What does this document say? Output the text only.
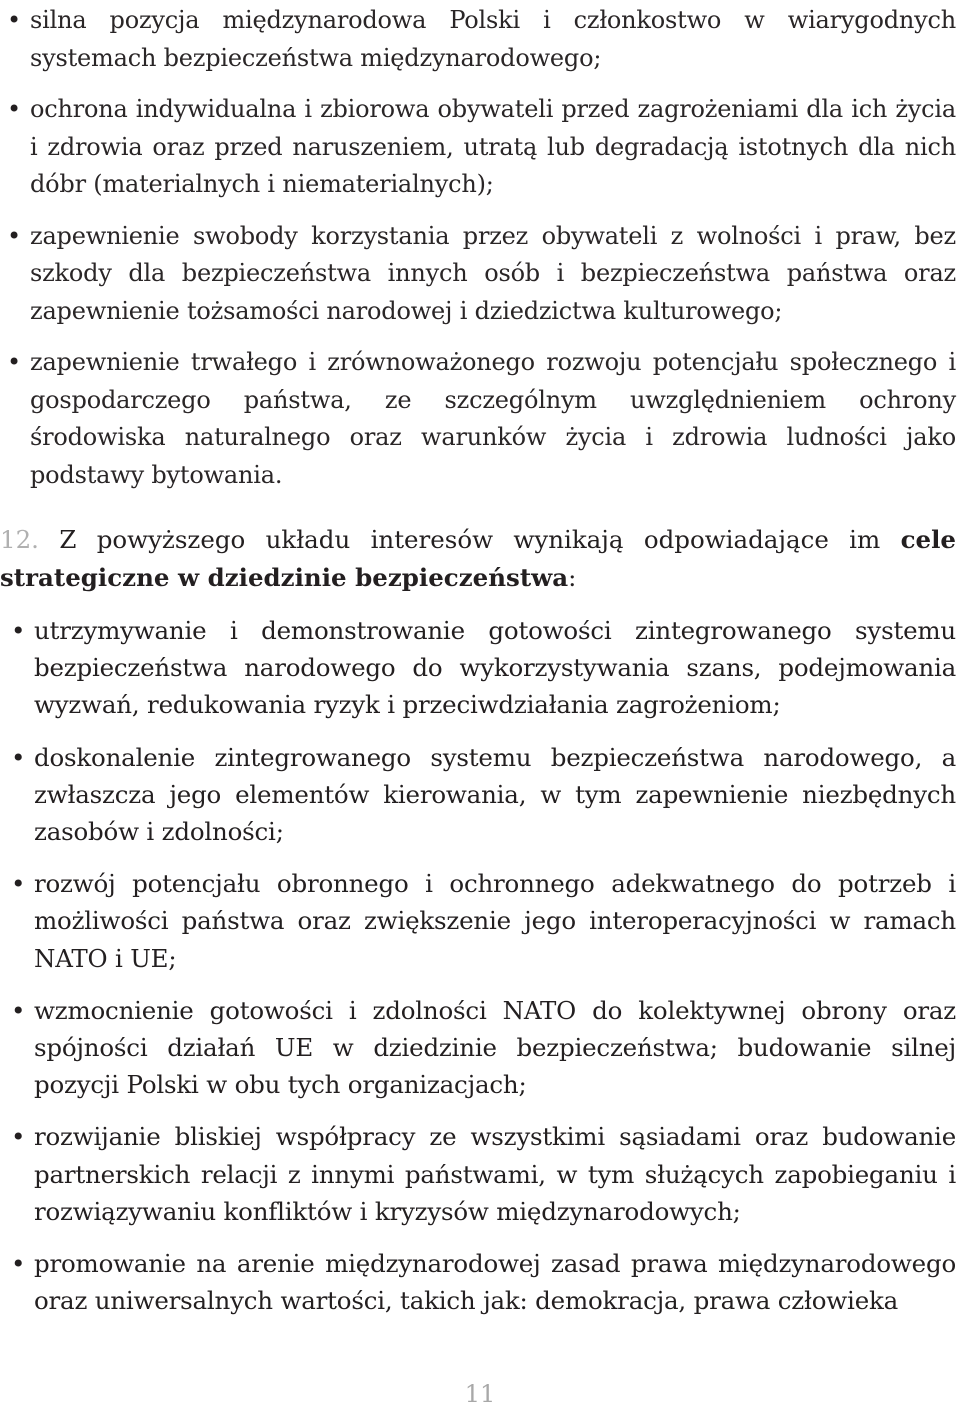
• silna pozycja międzynarodowa Polski i członkostwo w wiarygodnych systemach bezpieczeństwa międzynarodowego;
• ochrona indywidualna i zbiorowa obywateli przed zagrożeniami dla ich życia i zdrowia oraz przed naruszeniem, utratą lub degradacją istotnych dla nich dóbr (materialnych i niematerialnych);
• zapewnienie swobody korzystania przez obywateli z wolności i praw, bez szkody dla bezpieczeństwa innych osób i bezpieczeństwa państwa oraz zapewnienie tożsamości narodowej i dziedzictwa kulturowego;
• zapewnienie trwałego i zrównoważonego rozwoju potencjału społecznego i gospodarczego państwa, ze szczególnym uwzględnieniem ochrony środowiska naturalnego oraz warunków życia i zdrowia ludności jako podstawy bytowania.

12. Z powyższego układu interesów wynikają odpowiadające im cele strategiczne w dziedzinie bezpieczeństwa:

• utrzymywanie i demonstrowanie gotowości zintegrowanego systemu bezpieczeństwa narodowego do wykorzystywania szans, podejmowania wyzwań, redukowania ryzyk i przeciwdziałania zagrożeniom;
• doskonalenie zintegrowanego systemu bezpieczeństwa narodowego, a zwłaszcza jego elementów kierowania, w tym zapewnienie niezbędnych zasobów i zdolności;
• rozwój potencjału obronnego i ochronnego adekwatnego do potrzeb i możliwości państwa oraz zwiększenie jego interoperacyjności w ramach NATO i UE;
• wzmocnienie gotowości i zdolności NATO do kolektywnej obrony oraz spójności działań UE w dziedzinie bezpieczeństwa; budowanie silnej pozycji Polski w obu tych organizacjach;
• rozwijanie bliskiej współpracy ze wszystkimi sąsiadami oraz budowanie partnerskich relacji z innymi państwami, w tym służących zapobieganiu i rozwiązywaniu konfliktów i kryzysów międzynarodowych;
• promowanie na arenie międzynarodowej zasad prawa międzynarodowego oraz uniwersalnych wartości, takich jak: demokracja, prawa człowieka
11
